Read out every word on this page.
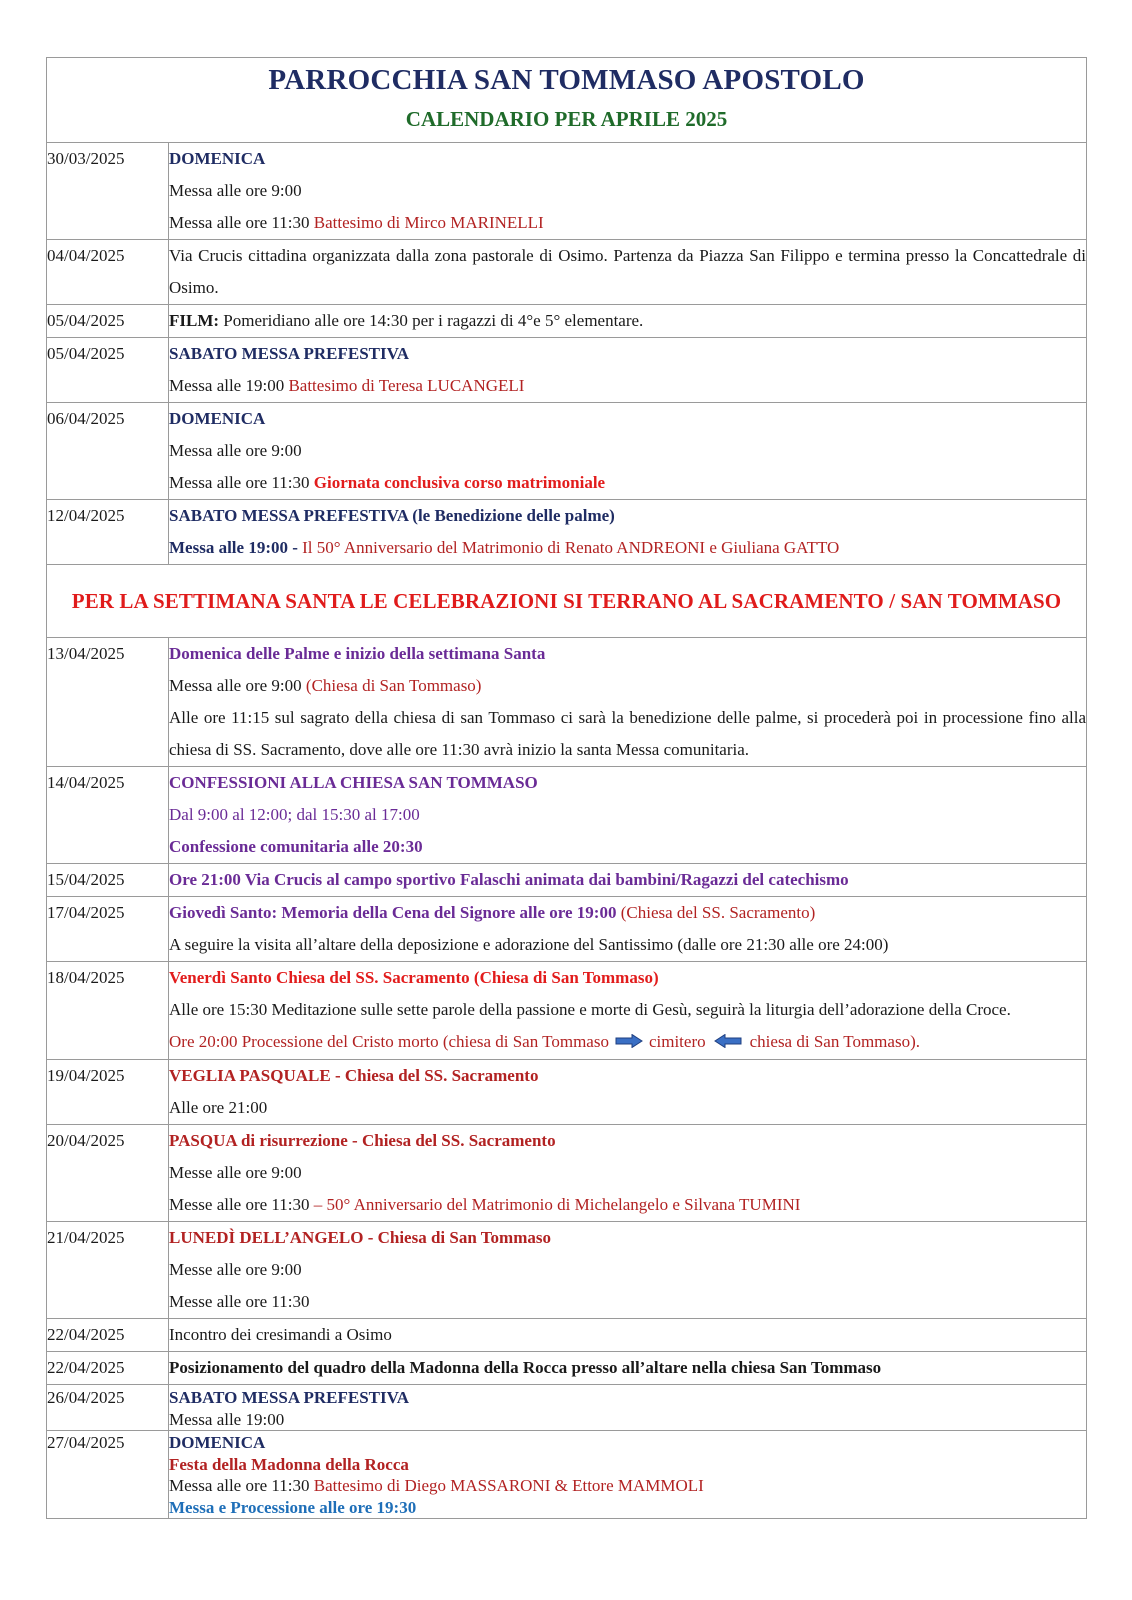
PARROCCHIA SAN TOMMASO APOSTOLO
CALENDARIO PER APRILE 2025	

30/03/2025	DOMENICA
Messa alle ore 9:00
Messa alle ore 11:30 Battesimo di Mirco MARINELLI

04/04/2025	Via Crucis cittadina organizzata dalla zona pastorale di Osimo. Partenza da Piazza San Filippo e termina presso la Concattedrale di Osimo.

05/04/2025	FILM: Pomeridiano alle ore 14:30 per i ragazzi di 4°e 5° elementare.

05/04/2025	SABATO MESSA PREFESTIVA
Messa alle 19:00 Battesimo di Teresa LUCANGELI

06/04/2025	DOMENICA
Messa alle ore 9:00
Messa alle ore 11:30 Giornata conclusiva corso matrimoniale

12/04/2025	SABATO MESSA PREFESTIVA (le Benedizione delle palme)
Messa alle 19:00 - Il 50° Anniversario del Matrimonio di Renato ANDREONI e Giuliana GATTO

PER LA SETTIMANA SANTA LE CELEBRAZIONI SI TERRANO AL SACRAMENTO / SAN TOMMASO	
13/04/2025	Domenica delle Palme e inizio della settimana Santa
Messa alle ore 9:00 (Chiesa di San Tommaso)
Alle ore 11:15 sul sagrato della chiesa di san Tommaso ci sarà la benedizione delle palme, si procederà poi in processione fino alla chiesa di SS. Sacramento, dove alle ore 11:30 avrà inizio la santa Messa comunitaria.

14/04/2025	CONFESSIONI ALLA CHIESA SAN TOMMASO
Dal 9:00 al 12:00; dal 15:30 al 17:00
Confessione comunitaria alle 20:30

15/04/2025	Ore 21:00 Via Crucis al campo sportivo Falaschi animata dai bambini/Ragazzi del catechismo

17/04/2025	Giovedì Santo: Memoria della Cena del Signore alle ore 19:00 (Chiesa del SS. Sacramento)
A seguire la visita all’altare della deposizione e adorazione del Santissimo (dalle ore 21:30 alle ore 24:00)

18/04/2025	Venerdì Santo Chiesa del SS. Sacramento (Chiesa di San Tommaso)
Alle ore 15:30 Meditazione sulle sette parole della passione e morte di Gesù, seguirà la liturgia dell’adorazione della Croce.
Ore 20:00 Processione del Cristo morto (chiesa di San Tommaso cimitero chiesa di San Tommaso).

19/04/2025	VEGLIA PASQUALE - Chiesa del SS. Sacramento
Alle ore 21:00

20/04/2025	PASQUA di risurrezione - Chiesa del SS. Sacramento
Messe alle ore 9:00
Messe alle ore 11:30 – 50° Anniversario del Matrimonio di Michelangelo e Silvana TUMINI

21/04/2025	LUNEDÌ DELL’ANGELO - Chiesa di San Tommaso
Messe alle ore 9:00
Messe alle ore 11:30

22/04/2025	Incontro dei cresimandi a Osimo

22/04/2025	Posizionamento del quadro della Madonna della Rocca presso all’altare nella chiesa San Tommaso

26/04/2025	SABATO MESSA PREFESTIVA
Messa alle 19:00

27/04/2025	DOMENICA
Festa della Madonna della Rocca
Messa alle ore 11:30 Battesimo di Diego MASSARONI & Ettore MAMMOLI
Messa e Processione alle ore 19:30
